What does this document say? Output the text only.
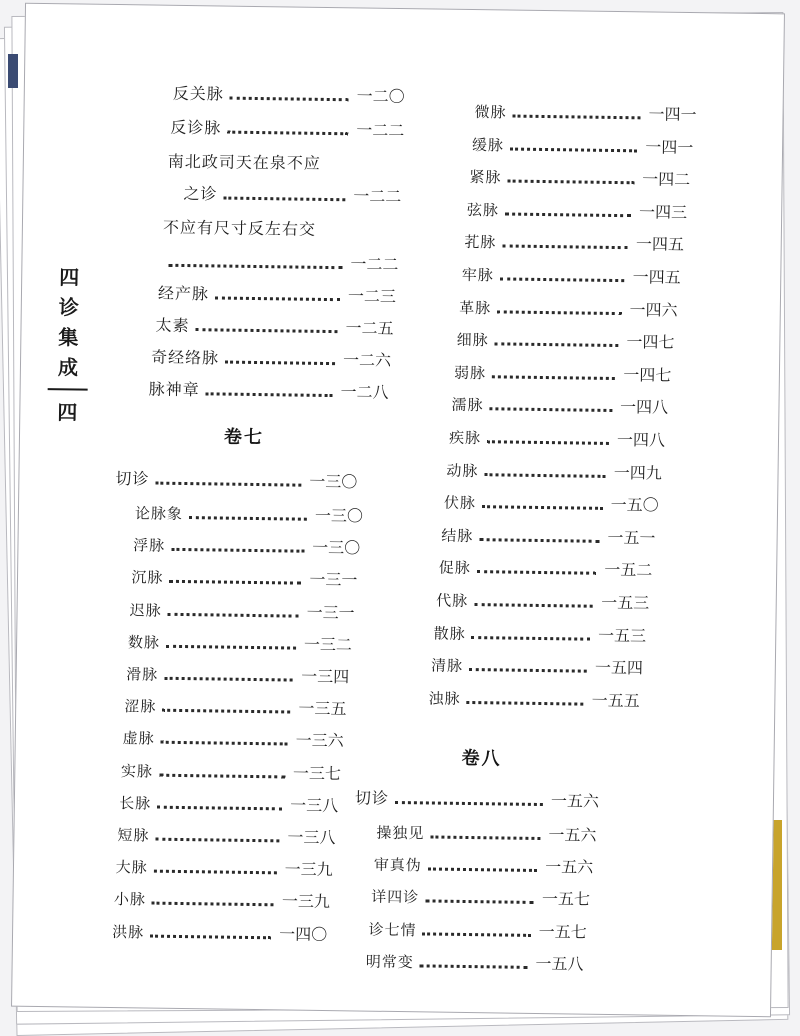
四
诊
集
成
四
反关脉	一二〇
反诊脉	一二二
南北政司天在泉不应
之诊	一二二
不应有尺寸反左右交
一二二
经产脉	一二三
太素	一二五
奇经络脉	一二六
脉神章	一二八
卷七
切诊	一三〇
论脉象	一三〇
浮脉	一三〇
沉脉	一三一
迟脉	一三一
数脉	一三二
滑脉	一三四
涩脉	一三五
虚脉	一三六
实脉	一三七
长脉	一三八
短脉	一三八
大脉	一三九
小脉	一三九
洪脉	一四〇
微脉	一四一
缓脉	一四一
紧脉	一四二
弦脉	一四三
芤脉	一四五
牢脉	一四五
革脉	一四六
细脉	一四七
弱脉	一四七
濡脉	一四八
疾脉	一四八
动脉	一四九
伏脉	一五〇
结脉	一五一
促脉	一五二
代脉	一五三
散脉	一五三
清脉	一五四
浊脉	一五五
卷八
切诊	一五六
操独见	一五六
审真伪	一五六
详四诊	一五七
诊七情	一五七
明常变	一五八
